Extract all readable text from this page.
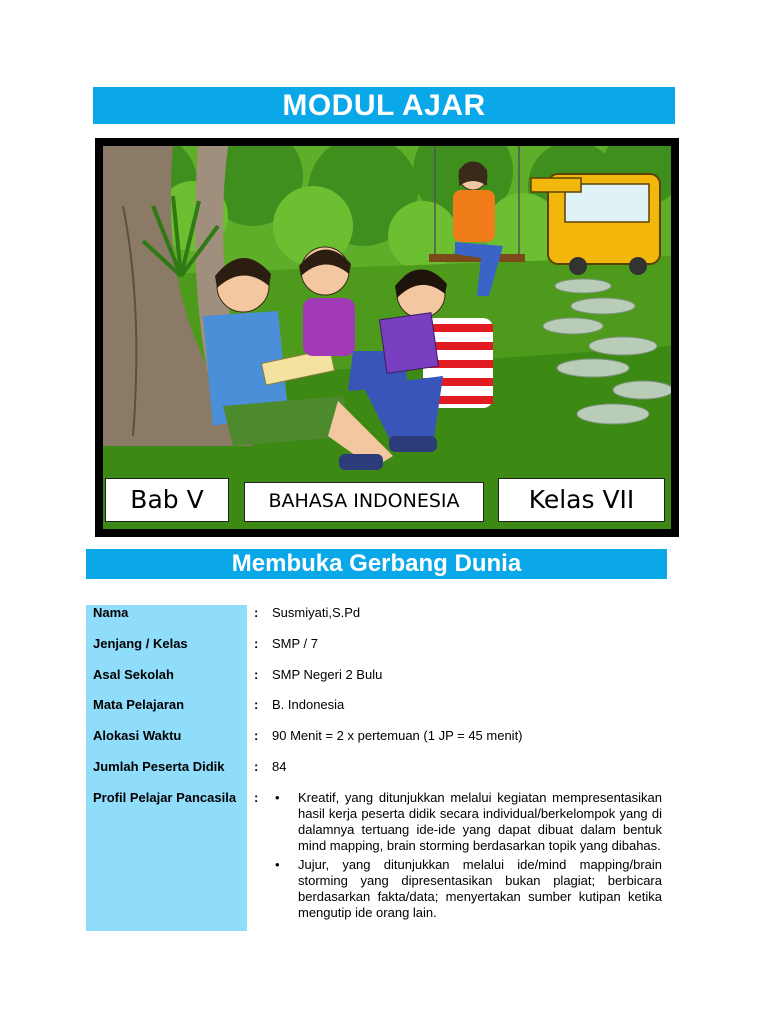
MODUL AJAR
Bab V	BAHASA INDONESIA	Kelas VII
Membuka Gerbang Dunia
Nama	: Susmiyati,S.Pd
Jenjang / Kelas	: SMP / 7
Asal Sekolah	: SMP Negeri 2 Bulu
Mata Pelajaran	: B. Indonesia
Alokasi Waktu	: 90 Menit = 2 x pertemuan (1 JP = 45 menit)
Jumlah Peserta Didik	: 84
Profil Pelajar Pancasila	: • Kreatif, yang ditunjukkan melalui kegiatan mempresentasikan hasil kerja peserta didik secara individual/berkelompok yang di dalamnya tertuang ide-ide yang dapat dibuat dalam bentuk mind mapping, brain storming berdasarkan topik yang dibahas.
• Jujur, yang ditunjukkan melalui ide/mind mapping/brain storming yang dipresentasikan bukan plagiat; berbicara berdasarkan fakta/data; menyertakan sumber kutipan ketika mengutip ide orang lain.
